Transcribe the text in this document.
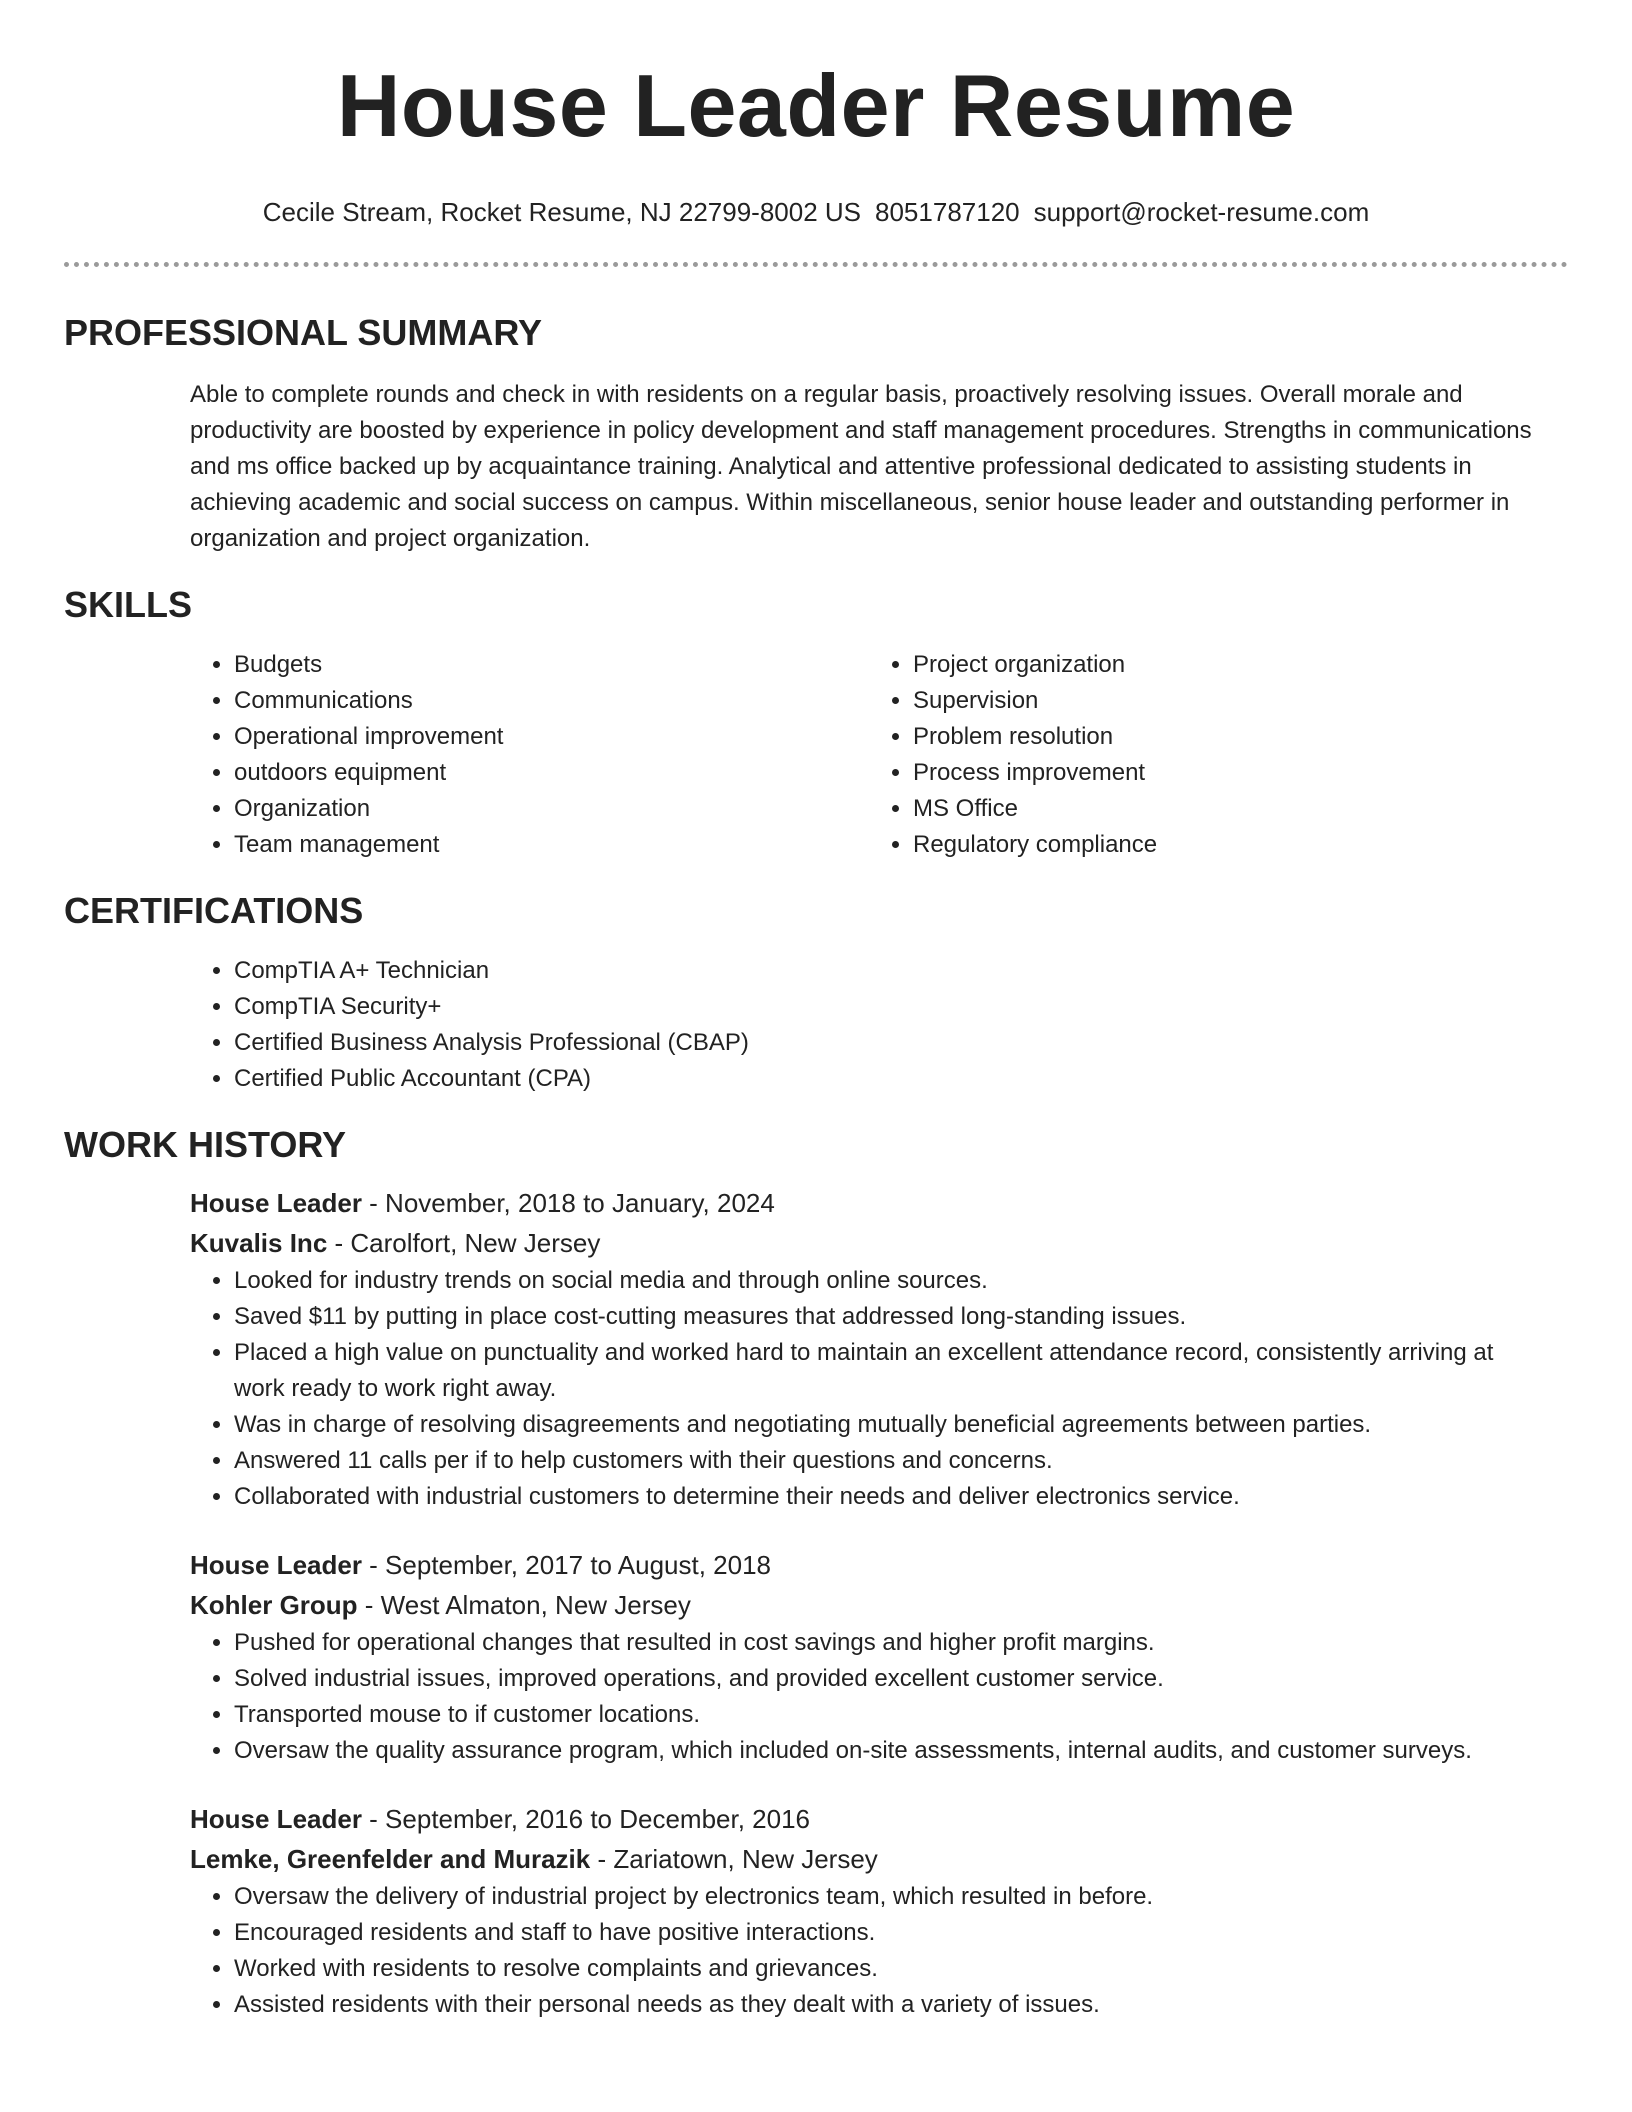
House Leader Resume
Cecile Stream, Rocket Resume, NJ 22799-8002 US 8051787120 support@rocket-resume.com
PROFESSIONAL SUMMARY
Able to complete rounds and check in with residents on a regular basis, proactively resolving issues. Overall morale and productivity are boosted by experience in policy development and staff management procedures. Strengths in communications and ms office backed up by acquaintance training. Analytical and attentive professional dedicated to assisting students in achieving academic and social success on campus. Within miscellaneous, senior house leader and outstanding performer in organization and project organization.
SKILLS
• Budgets
• Communications
• Operational improvement
• outdoors equipment
• Organization
• Team management
• Project organization
• Supervision
• Problem resolution
• Process improvement
• MS Office
• Regulatory compliance
CERTIFICATIONS
• CompTIA A+ Technician
• CompTIA Security+
• Certified Business Analysis Professional (CBAP)
• Certified Public Accountant (CPA)
WORK HISTORY
House Leader - November, 2018 to January, 2024
Kuvalis Inc - Carolfort, New Jersey
• Looked for industry trends on social media and through online sources.
• Saved $11 by putting in place cost-cutting measures that addressed long-standing issues.
• Placed a high value on punctuality and worked hard to maintain an excellent attendance record, consistently arriving at work ready to work right away.
• Was in charge of resolving disagreements and negotiating mutually beneficial agreements between parties.
• Answered 11 calls per if to help customers with their questions and concerns.
• Collaborated with industrial customers to determine their needs and deliver electronics service.
House Leader - September, 2017 to August, 2018
Kohler Group - West Almaton, New Jersey
• Pushed for operational changes that resulted in cost savings and higher profit margins.
• Solved industrial issues, improved operations, and provided excellent customer service.
• Transported mouse to if customer locations.
• Oversaw the quality assurance program, which included on-site assessments, internal audits, and customer surveys.
House Leader - September, 2016 to December, 2016
Lemke, Greenfelder and Murazik - Zariatown, New Jersey
• Oversaw the delivery of industrial project by electronics team, which resulted in before.
• Encouraged residents and staff to have positive interactions.
• Worked with residents to resolve complaints and grievances.
• Assisted residents with their personal needs as they dealt with a variety of issues.
